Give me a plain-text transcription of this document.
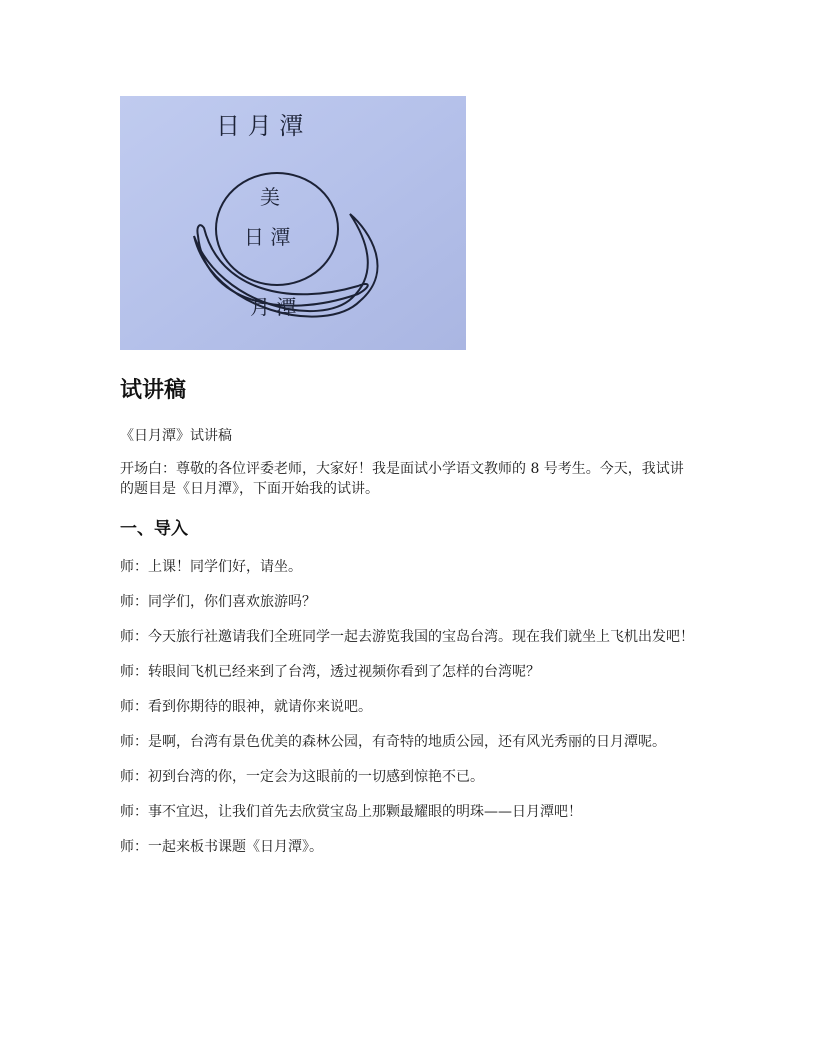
日 月 潭
美
日 潭
月 潭
试讲稿

《日月潭》试讲稿

开场白：尊敬的各位评委老师，大家好！我是面试小学语文教师的 8 号考生。今天，我试讲 的题目是《日月潭》，下面开始我的试讲。

一、导入

师：上课！同学们好，请坐。

师：同学们，你们喜欢旅游吗？

师：今天旅行社邀请我们全班同学一起去游览我国的宝岛台湾。现在我们就坐上飞机出发吧！

师：转眼间飞机已经来到了台湾，透过视频你看到了怎样的台湾呢？

师：看到你期待的眼神，就请你来说吧。

师：是啊，台湾有景色优美的森林公园，有奇特的地质公园，还有风光秀丽的日月潭呢。

师：初到台湾的你，一定会为这眼前的一切感到惊艳不已。

师：事不宜迟，让我们首先去欣赏宝岛上那颗最耀眼的明珠——日月潭吧！

师：一起来板书课题《日月潭》。
